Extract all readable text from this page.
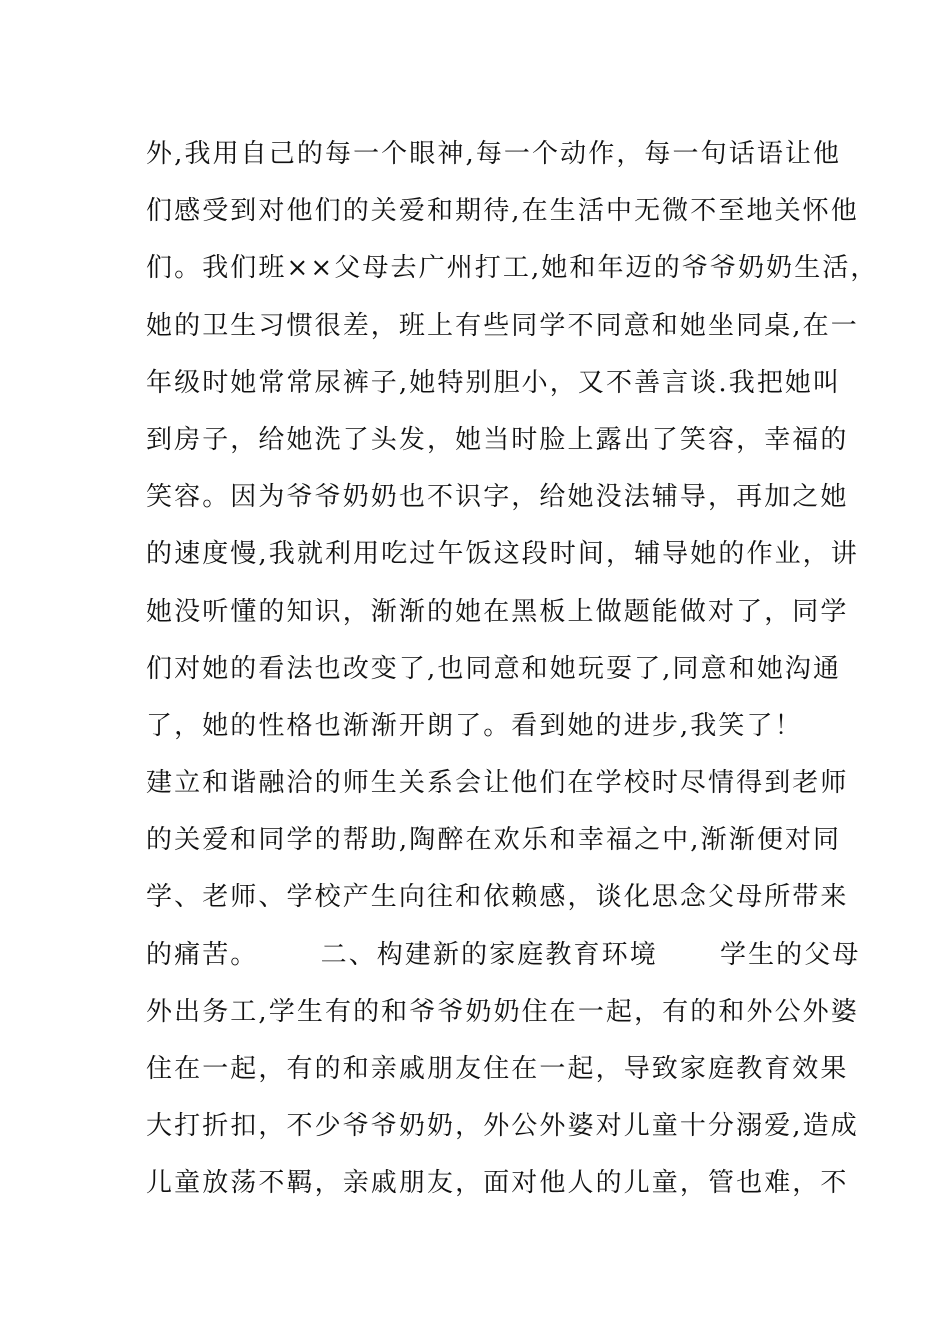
外,我用自己的每一个眼神,每一个动作，每一句话语让他
们感受到对他们的关爱和期待,在生活中无微不至地关怀他
们。我们班××父母去广州打工,她和年迈的爷爷奶奶生活，
她的卫生习惯很差，班上有些同学不同意和她坐同桌,在一
年级时她常常尿裤子,她特别胆小，又不善言谈.我把她叫
到房子，给她洗了头发，她当时脸上露出了笑容，幸福的
笑容。因为爷爷奶奶也不识字，给她没法辅导，再加之她
的速度慢,我就利用吃过午饭这段时间，辅导她的作业，讲
她没听懂的知识，渐渐的她在黑板上做题能做对了，同学
们对她的看法也改变了,也同意和她玩耍了,同意和她沟通
了，她的性格也渐渐开朗了。看到她的进步,我笑了！
建立和谐融洽的师生关系会让他们在学校时尽情得到老师
的关爱和同学的帮助,陶醉在欢乐和幸福之中,渐渐便对同
学、老师、学校产生向往和依赖感，谈化思念父母所带来
的痛苦。      二、构建新的家庭教育环境      学生的父母
外出务工,学生有的和爷爷奶奶住在一起，有的和外公外婆
住在一起，有的和亲戚朋友住在一起，导致家庭教育效果
大打折扣，不少爷爷奶奶，外公外婆对儿童十分溺爱,造成
儿童放荡不羁，亲戚朋友，面对他人的儿童，管也难，不
